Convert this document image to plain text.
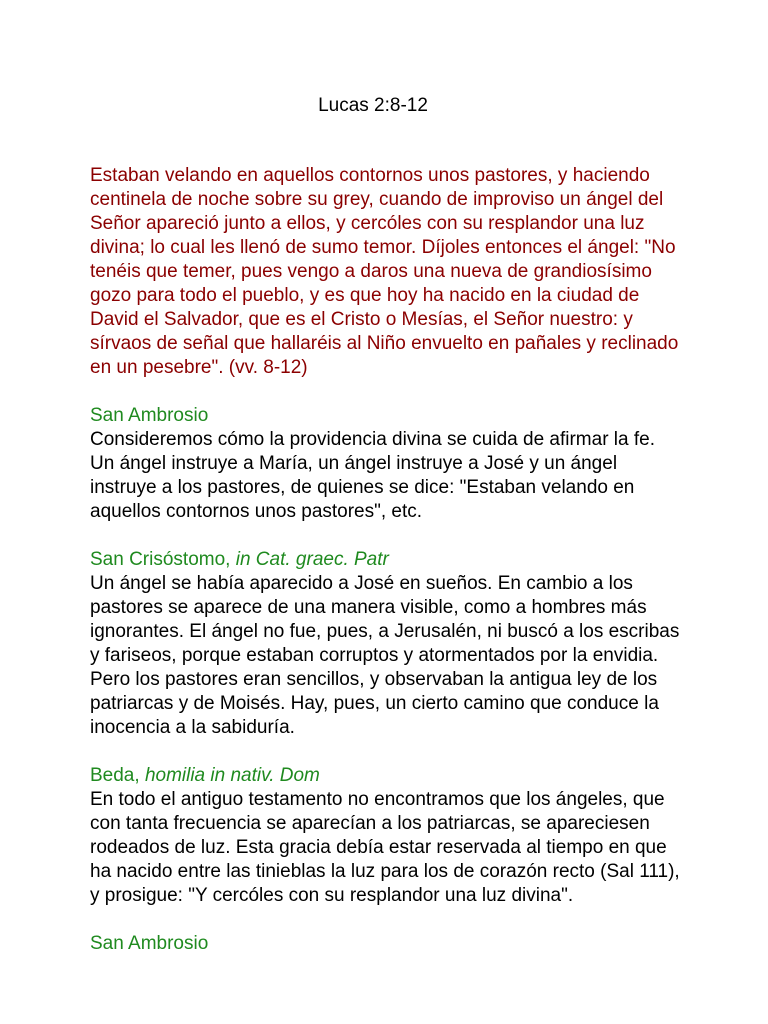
Lucas 2:8-12

Estaban velando en aquellos contornos unos pastores, y haciendo centinela de noche sobre su grey, cuando de improviso un ángel del Señor apareció junto a ellos, y cercóles con su resplandor una luz divina; lo cual les llenó de sumo temor. Díjoles entonces el ángel: "No tenéis que temer, pues vengo a daros una nueva de grandiosísimo gozo para todo el pueblo, y es que hoy ha nacido en la ciudad de David el Salvador, que es el Cristo o Mesías, el Señor nuestro: y sírvaos de señal que hallaréis al Niño envuelto en pañales y reclinado en un pesebre". (vv. 8-12)

San Ambrosio

Consideremos cómo la providencia divina se cuida de afirmar la fe. Un ángel instruye a María, un ángel instruye a José y un ángel instruye a los pastores, de quienes se dice: "Estaban velando en aquellos contornos unos pastores", etc.

San Crisóstomo, in Cat. graec. Patr

Un ángel se había aparecido a José en sueños. En cambio a los pastores se aparece de una manera visible, como a hombres más ignorantes. El ángel no fue, pues, a Jerusalén, ni buscó a los escribas y fariseos, porque estaban corruptos y atormentados por la envidia. Pero los pastores eran sencillos, y observaban la antigua ley de los patriarcas y de Moisés. Hay, pues, un cierto camino que conduce la inocencia a la sabiduría.

Beda, homilia in nativ. Dom

En todo el antiguo testamento no encontramos que los ángeles, que con tanta frecuencia se aparecían a los patriarcas, se apareciesen rodeados de luz. Esta gracia debía estar reservada al tiempo en que ha nacido entre las tinieblas la luz para los de corazón recto (Sal 111), y prosigue: "Y cercóles con su resplandor una luz divina".

San Ambrosio
